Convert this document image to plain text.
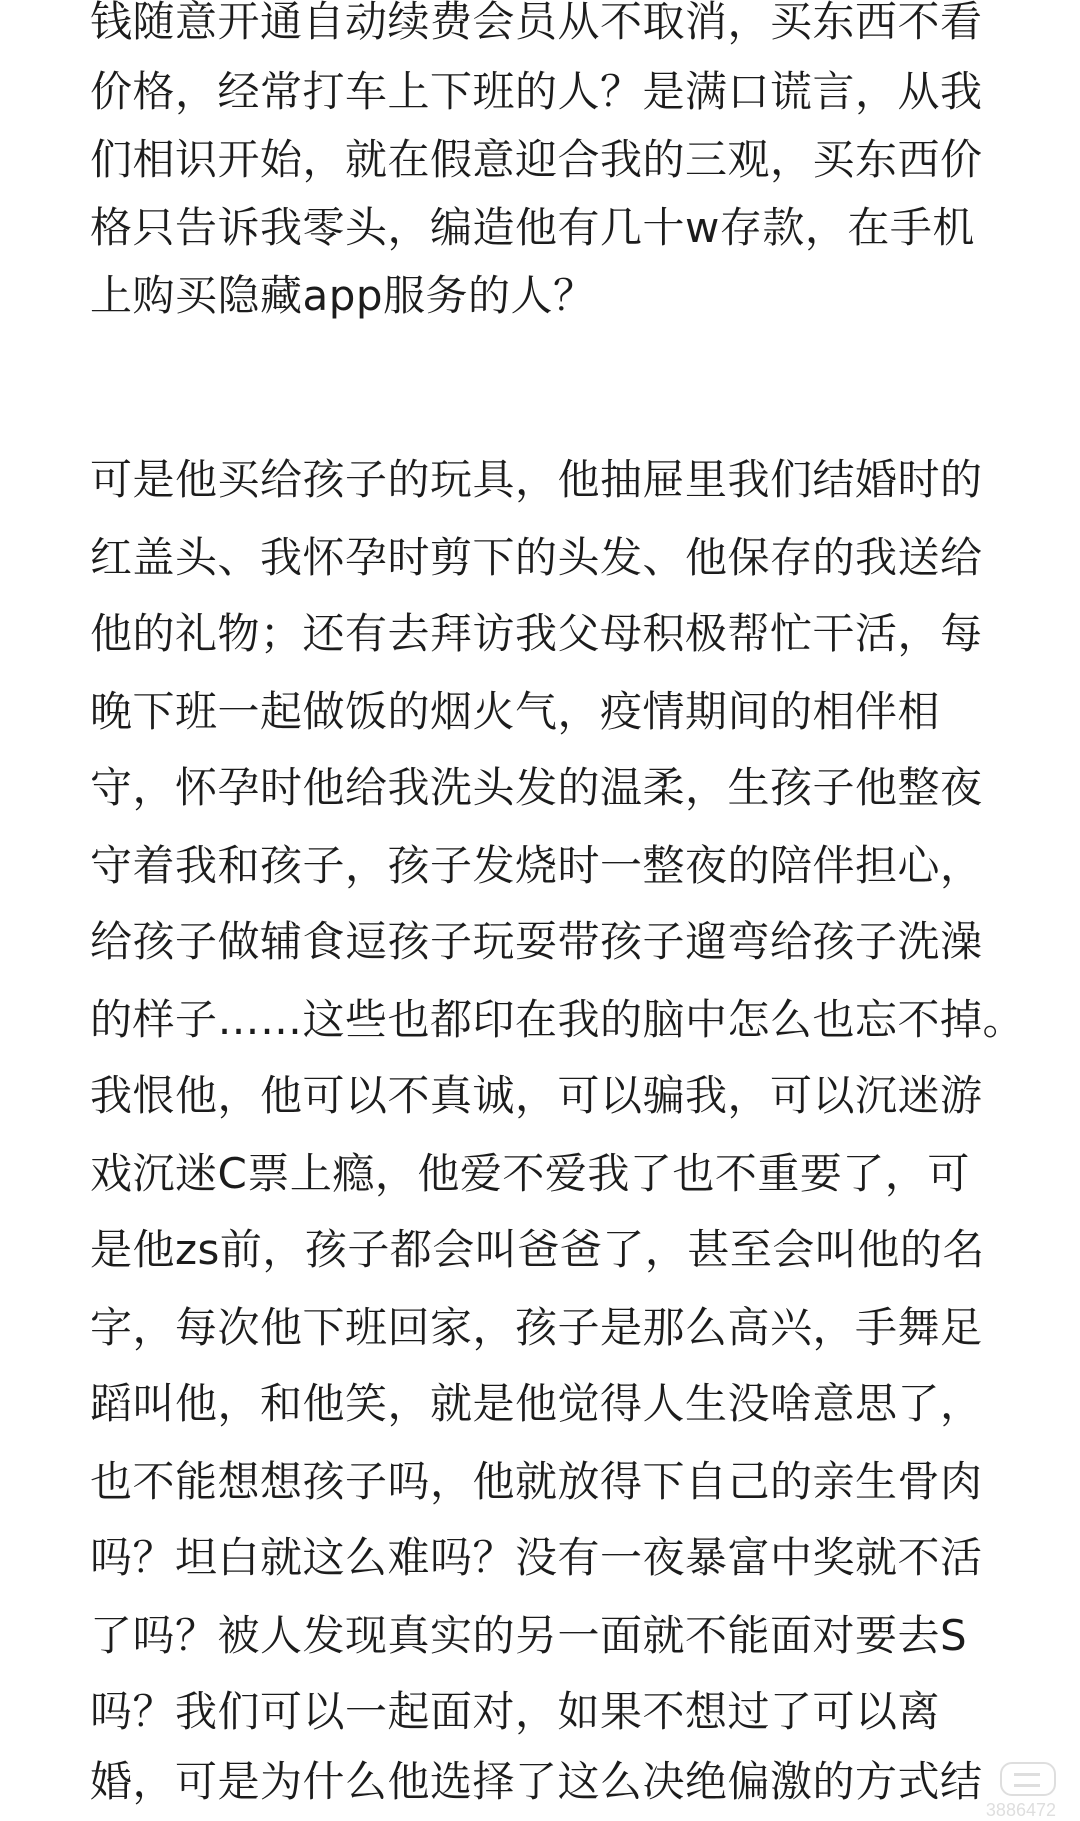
钱随意开通自动续费会员从不取消，买东西不看
价格，经常打车上下班的人？是满口谎言，从我
们相识开始，就在假意迎合我的三观，买东西价
格只告诉我零头，编造他有几十w存款，在手机
上购买隐藏app服务的人？
可是他买给孩子的玩具，他抽屉里我们结婚时的
红盖头、我怀孕时剪下的头发、他保存的我送给
他的礼物；还有去拜访我父母积极帮忙干活，每
晚下班一起做饭的烟火气，疫情期间的相伴相
守，怀孕时他给我洗头发的温柔，生孩子他整夜
守着我和孩子，孩子发烧时一整夜的陪伴担心，
给孩子做辅食逗孩子玩耍带孩子遛弯给孩子洗澡
的样子……这些也都印在我的脑中怎么也忘不掉。
我恨他，他可以不真诚，可以骗我，可以沉迷游
戏沉迷C票上瘾，他爱不爱我了也不重要了，可
是他zs前，孩子都会叫爸爸了，甚至会叫他的名
字，每次他下班回家，孩子是那么高兴，手舞足
蹈叫他，和他笑，就是他觉得人生没啥意思了，
也不能想想孩子吗，他就放得下自己的亲生骨肉
吗？坦白就这么难吗？没有一夜暴富中奖就不活
了吗？被人发现真实的另一面就不能面对要去S
吗？我们可以一起面对，如果不想过了可以离
婚，可是为什么他选择了这么决绝偏激的方式结
3886472
